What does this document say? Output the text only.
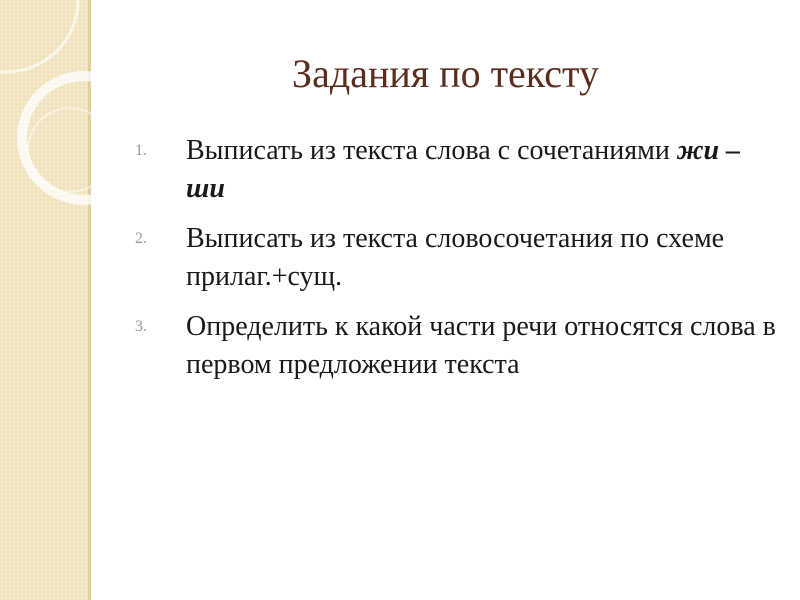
Задания по тексту
1. Выписать из текста слова с сочетаниями жи – ши
2. Выписать из текста словосочетания по схеме прилаг.+сущ.
3. Определить к какой части речи относятся слова в первом предложении текста
